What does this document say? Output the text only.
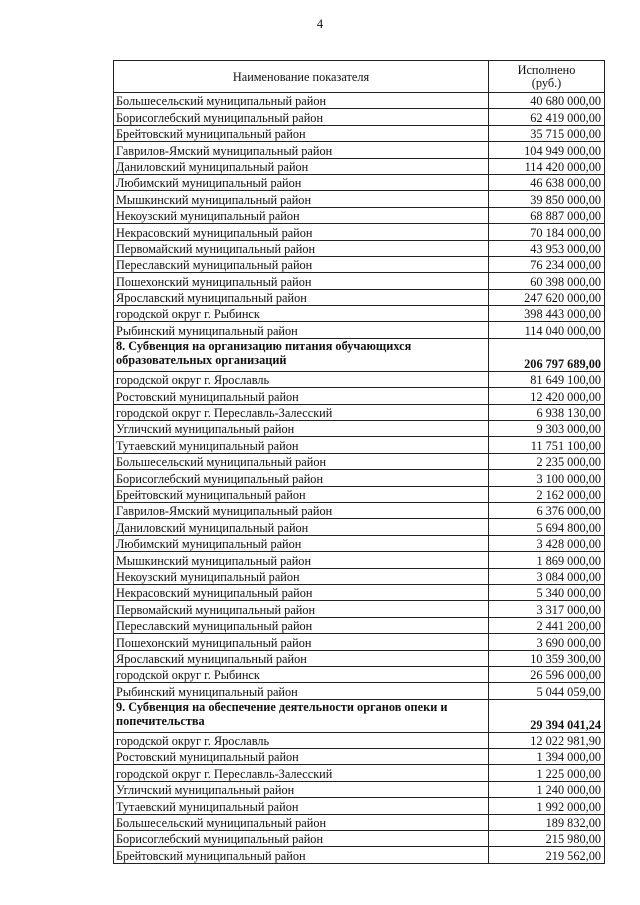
4
Наименование показателя	Исполнено
(руб.)
Большесельский муниципальный район	40 680 000,00
Борисоглебский муниципальный район	62 419 000,00
Брейтовский муниципальный район	35 715 000,00
Гаврилов-Ямский муниципальный район	104 949 000,00
Даниловский муниципальный район	114 420 000,00
Любимский муниципальный район	46 638 000,00
Мышкинский муниципальный район	39 850 000,00
Некоузский муниципальный район	68 887 000,00
Некрасовский муниципальный район	70 184 000,00
Первомайский муниципальный район	43 953 000,00
Переславский муниципальный район	76 234 000,00
Пошехонский муниципальный район	60 398 000,00
Ярославский муниципальный район	247 620 000,00
городской округ г. Рыбинск	398 443 000,00
Рыбинский муниципальный район	114 040 000,00
8. Субвенция на организацию питания обучающихся образовательных организаций	206 797 689,00
городской округ г. Ярославль	81 649 100,00
Ростовский муниципальный район	12 420 000,00
городской округ г. Переславль-Залесский	6 938 130,00
Угличский муниципальный район	9 303 000,00
Тутаевский муниципальный район	11 751 100,00
Большесельский муниципальный район	2 235 000,00
Борисоглебский муниципальный район	3 100 000,00
Брейтовский муниципальный район	2 162 000,00
Гаврилов-Ямский муниципальный район	6 376 000,00
Даниловский муниципальный район	5 694 800,00
Любимский муниципальный район	3 428 000,00
Мышкинский муниципальный район	1 869 000,00
Некоузский муниципальный район	3 084 000,00
Некрасовский муниципальный район	5 340 000,00
Первомайский муниципальный район	3 317 000,00
Переславский муниципальный район	2 441 200,00
Пошехонский муниципальный район	3 690 000,00
Ярославский муниципальный район	10 359 300,00
городской округ г. Рыбинск	26 596 000,00
Рыбинский муниципальный район	5 044 059,00
9. Субвенция на обеспечение деятельности органов опеки и попечительства	29 394 041,24
городской округ г. Ярославль	12 022 981,90
Ростовский муниципальный район	1 394 000,00
городской округ г. Переславль-Залесский	1 225 000,00
Угличский муниципальный район	1 240 000,00
Тутаевский муниципальный район	1 992 000,00
Большесельский муниципальный район	189 832,00
Борисоглебский муниципальный район	215 980,00
Брейтовский муниципальный район	219 562,00
